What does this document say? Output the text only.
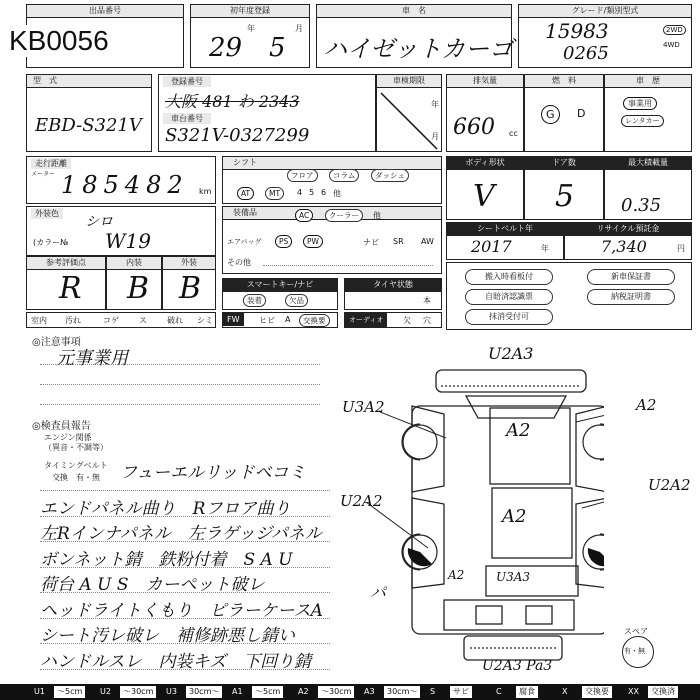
出品番号
KB0056
初年度登録
29
年
5
月
車　名
ハイゼットカーゴ
グレード/類別型式
15983
0265
2WD
4WD
型　式
EBD-S321V
登録番号
大阪 481 わ 2343
車台番号
S321V-0327299
車検期限
年
月
排気量
660 cc
燃　料
G	D
車　歴
事業用
レンタカー
走行距離
メーター 185482 km
シフト
フロア	コラム	ダッシュ
AT	MT	4 5 6 他
ボディ形状
V
ドア数
5
最大積載量
0.35
外装色
シロ
(カラー№ W19
装備品	AC	クーラー	他
エアバッグ	PS	PW	ナビ SR AW
その他
シートベルト年
2017	年
リサイクル預託金
7,340	円
参考評価点
R
内装
B
外装
B	スマートキー/ナビ
装着	欠品
タイヤ状態
本
搬入時看板付	新車保証書
自賠済認識票	納税証明書
抹消受付可
室内 汚れ	コゲ	ス	破れ シミ	FW	ヒビ A	交換要	オーディオ	欠 穴
◎注意事項
元事業用
◎検査員報告
エンジン関係
（異音・不調等）
タイミングベルト
交換　有・無 フューエルリッドベコミ
エンドパネル曲り　Rフロア曲り
左Rインナパネル　左ラゲッジパネル
ボンネット錆　鉄粉付着　S A U
荷台 A U S　カーペット破レ
ヘッドライトくもり　ピラーケースA
シート汚レ破レ　補修跡悪し錆い
ハンドルスレ　内装キズ　下回り錆
U2A3
U3A2
A2
A2
U2A2
U2A2
A2
A2
パ
U3A3
U2A3 Pa3
スペア
有・無
U1	～5cm	U2	～30cm	U3	30cm～	A1	～5cm	A2	～30cm	A3	30cm～	S	サビ	C	腐食	X	交換要	XX	交換済
